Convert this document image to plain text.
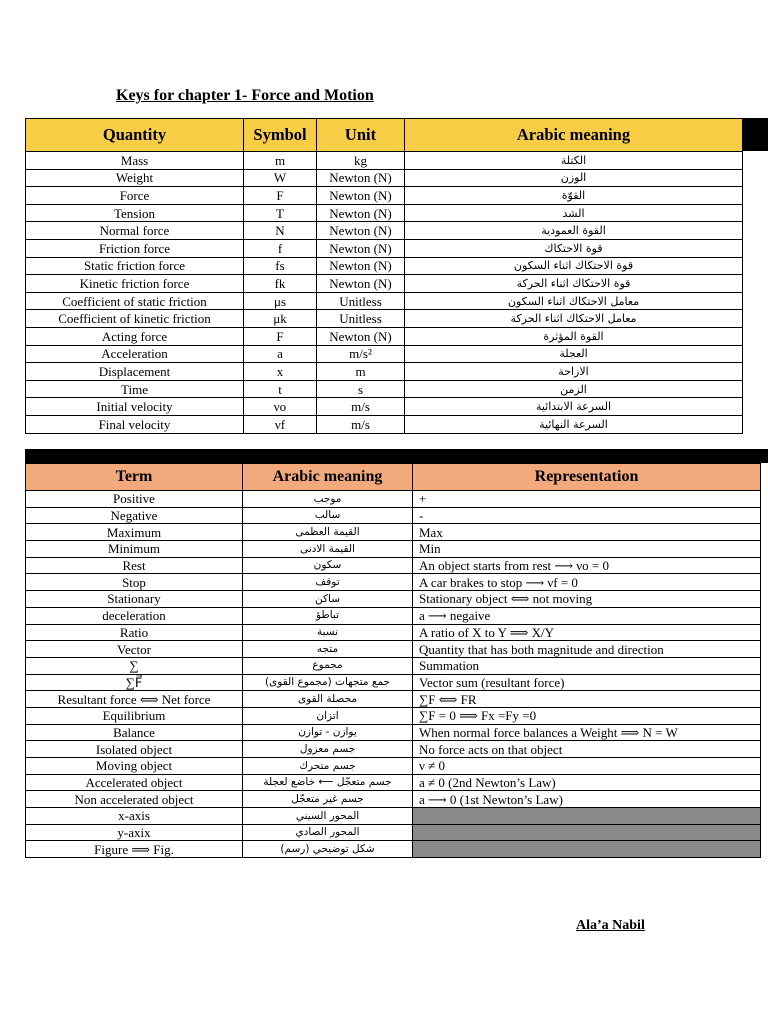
Keys for chapter 1- Force and Motion
Quantity	Symbol	Unit	Arabic meaning
Mass	m	kg	الكتلة
Weight	W	Newton (N)	الوزن
Force	F	Newton (N)	القوّة
Tension	T	Newton (N)	الشد
Normal force	N	Newton (N)	القوة العمودية
Friction force	f	Newton (N)	قوة الاحتكاك
Static friction force	fs	Newton (N)	قوة الاحتكاك اثناء السكون
Kinetic friction force	fk	Newton (N)	قوة الاحتكاك اثناء الحركة
Coefficient of static friction	μs	Unitless	معامل الاحتكاك اثناء السكون
Coefficient of kinetic friction	μk	Unitless	معامل الاحتكاك اثناء الحركة
Acting force	F	Newton (N)	القوة المؤثرة
Acceleration	a	m/s²	العجلة
Displacement	x	m	الازاحة
Time	t	s	الزمن
Initial velocity	νo	m/s	السرعة الابتدائية
Final velocity	νf	m/s	السرعة النهائية
Term	Arabic meaning	Representation
Positive	موجب	+
Negative	سالب	-
Maximum	القيمة العظمى	Max
Minimum	القيمة الادنى	Min
Rest	سكون	An object starts from rest ⟶ νo = 0
Stop	توقف	A car brakes to stop ⟶ νf = 0
Stationary	ساكن	Stationary object ⟺ not moving
deceleration	تباطؤ	a ⟶ negaive
Ratio	نسبة	A ratio of X to Y ⟹ X/Y
Vector	متجه	Quantity that has both magnitude and direction
∑	مجموع	Summation
∑F⃗	جمع متجهات (مجموع القوى)	Vector sum (resultant force)
Resultant force ⟺ Net force	محصلة القوى	∑F ⟺ FR
Equilibrium	اتزان	∑F = 0 ⟹ Fx =Fy =0
Balance	يوازن - توازن	When normal force balances a Weight ⟹ N = W
Isolated object	جسم معزول	No force acts on that object
Moving object	جسم متحرك	ν ≠ 0
Accelerated object	جسم متعجّل ⟵ خاضع لعجلة	a ≠ 0 (2nd Newton’s Law)
Non accelerated object	جسم غير متعجّل	a ⟶ 0 (1st Newton’s Law)
x-axis	المحور السيني	
y-axix	المحور الصادي	
Figure ⟹ Fig.	شكل توضيحي (رسم)	
Ala’a Nabil
